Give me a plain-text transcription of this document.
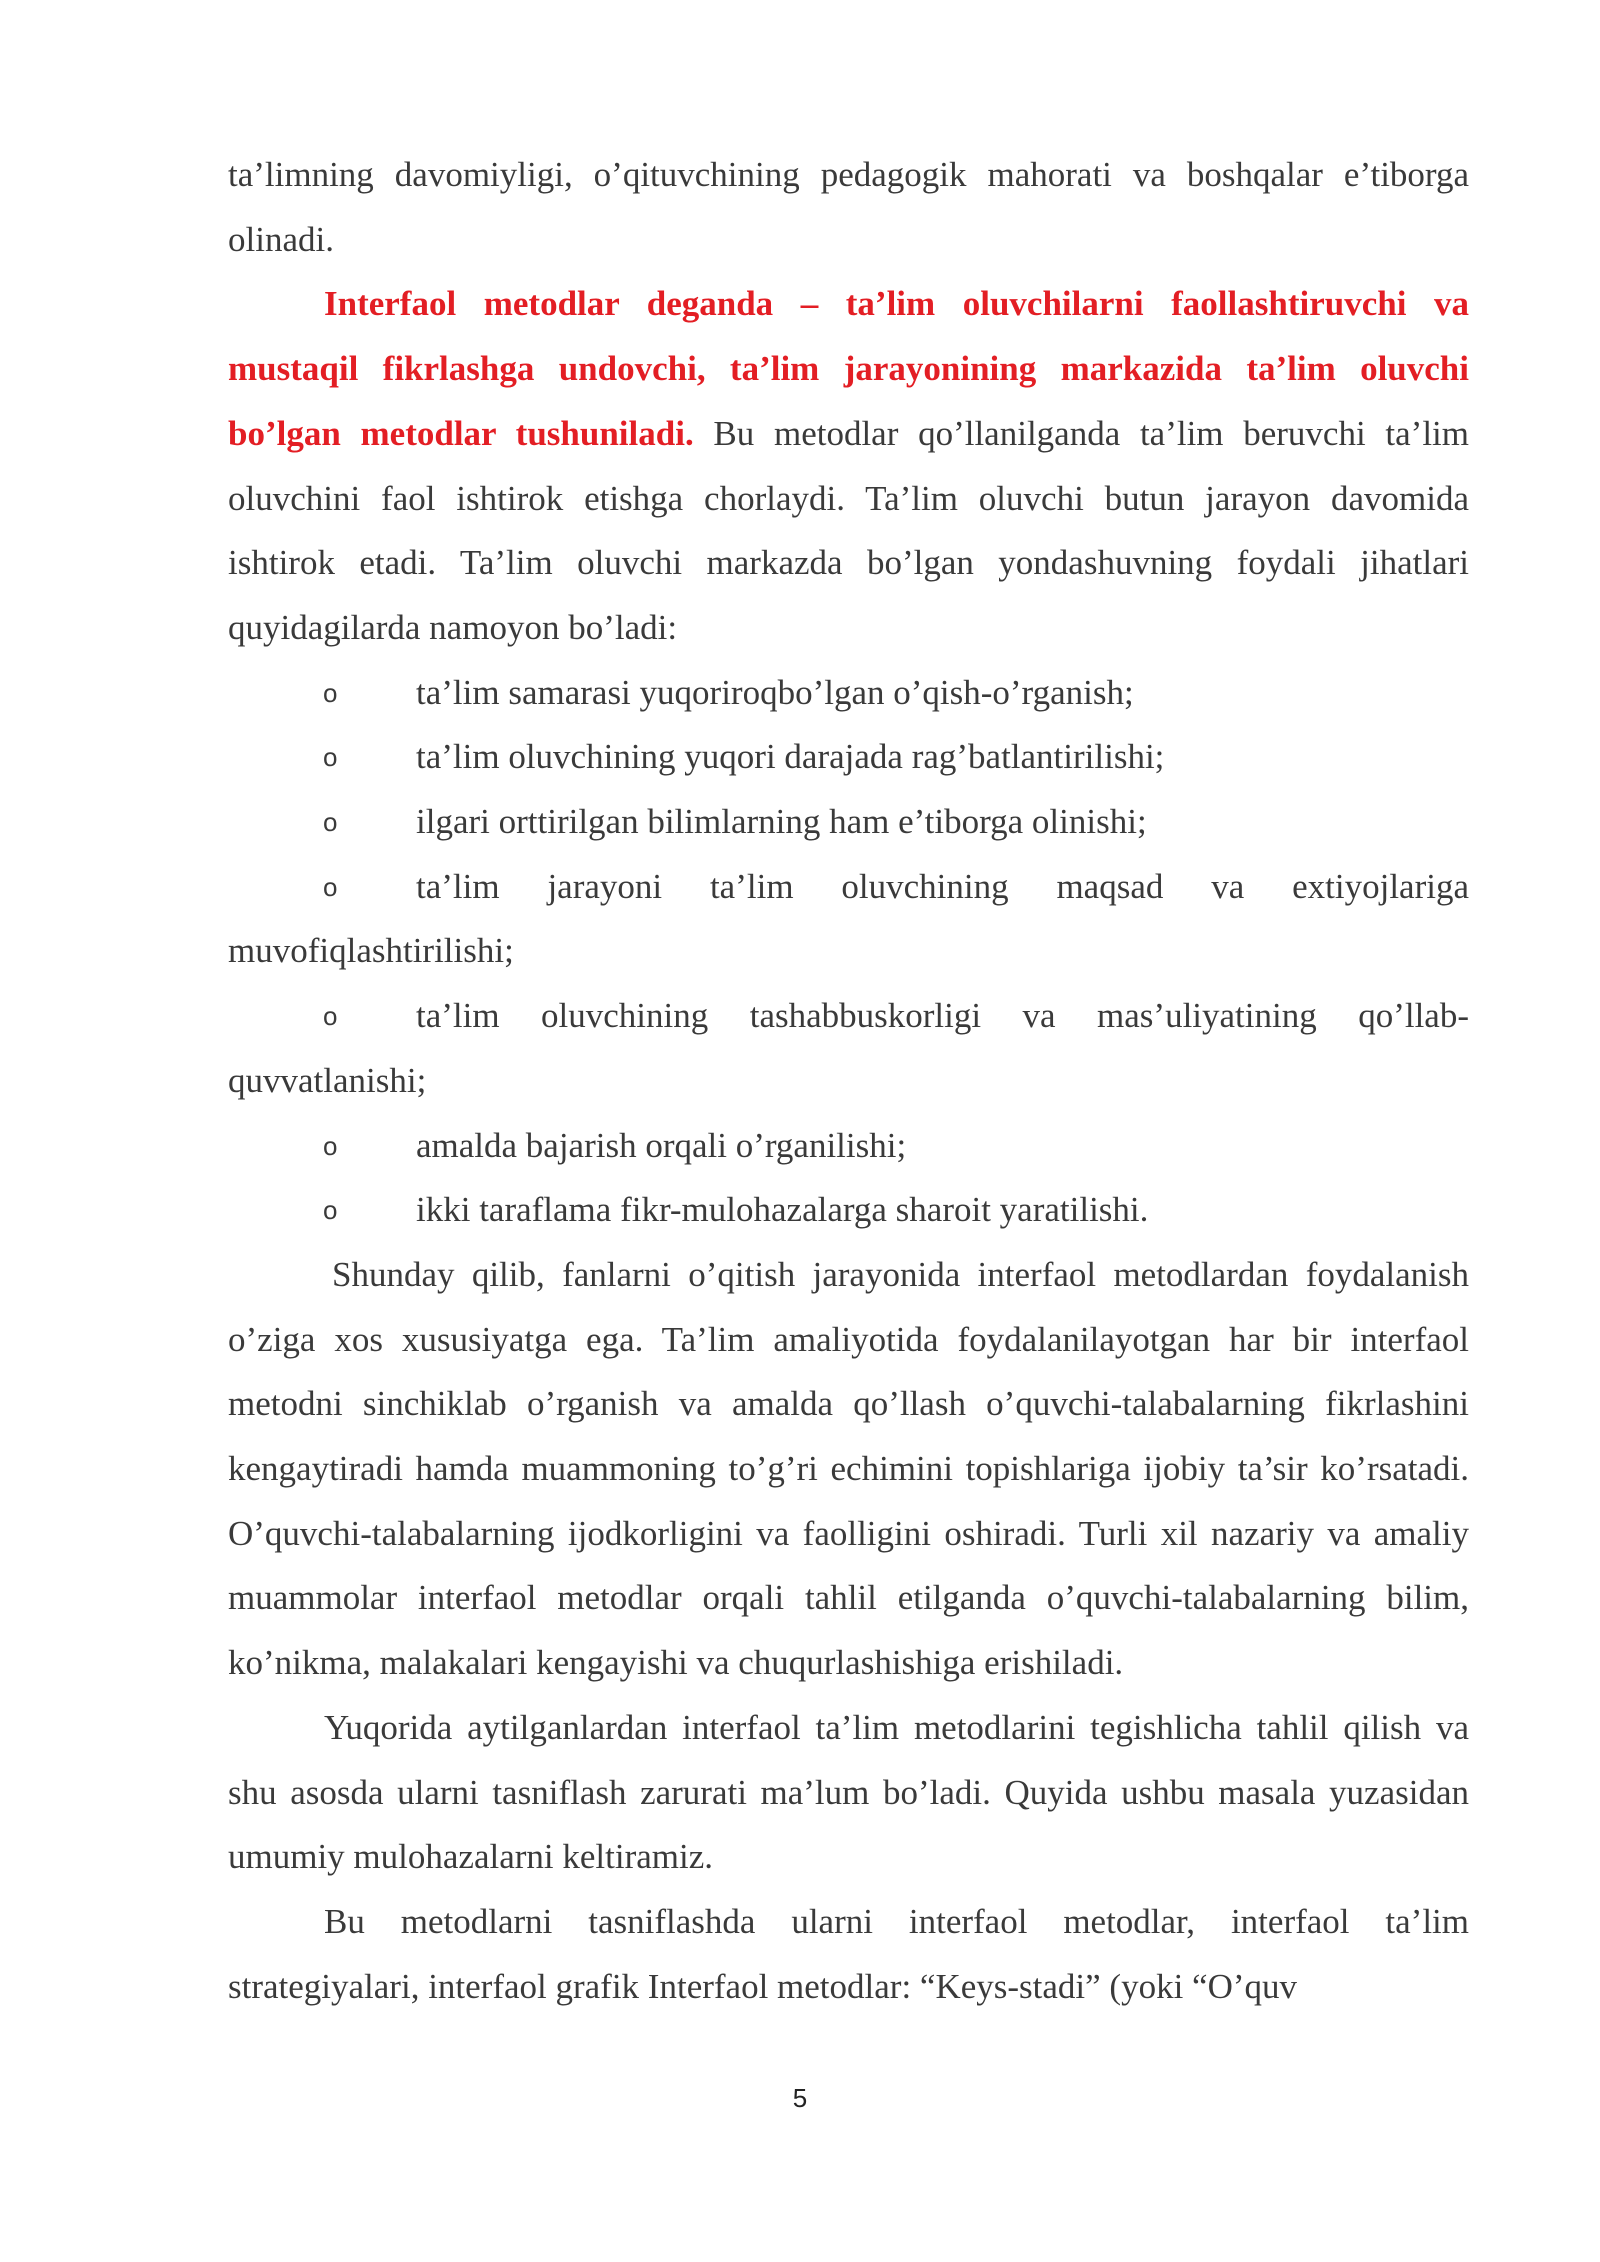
ta’limning davomiyligi, o’qituvchining pedagogik mahorati va boshqalar e’tiborga olinadi.

Interfaol metodlar deganda – ta’lim oluvchilarni faollashtiruvchi va mustaqil fikrlashga undovchi, ta’lim jarayonining markazida ta’lim oluvchi bo’lgan metodlar tushuniladi. Bu metodlar qo’llanilganda ta’lim beruvchi ta’lim oluvchini faol ishtirok etishga chorlaydi. Ta’lim oluvchi butun jarayon davomida ishtirok etadi. Ta’lim oluvchi markazda bo’lgan yondashuvning foydali jihatlari quyidagilarda namoyon bo’ladi:

o ta’lim samarasi yuqoriroqbo’lgan o’qish-o’rganish;

o ta’lim oluvchining yuqori darajada rag’batlantirilishi;

o ilgari orttirilgan bilimlarning ham e’tiborga olinishi;

o ta’lim jarayoni ta’lim oluvchining maqsad va extiyojlariga muvofiqlashtirilishi;

o ta’lim oluvchining tashabbuskorligi va mas’uliyatining qo’llab-quvvatlanishi;

o amalda bajarish orqali o’rganilishi;

o ikki taraflama fikr-mulohazalarga sharoit yaratilishi.

Shunday qilib, fanlarni o’qitish jarayonida interfaol metodlardan foydalanish o’ziga xos xususiyatga ega. Ta’lim amaliyotida foydalanilayotgan har bir interfaol metodni sinchiklab o’rganish va amalda qo’llash o’quvchi-talabalarning fikrlashini kengaytiradi hamda muammoning to’g’ri echimini topishlariga ijobiy ta’sir ko’rsatadi. O’quvchi-talabalarning ijodkorligini va faolligini oshiradi. Turli xil nazariy va amaliy muammolar interfaol metodlar orqali tahlil etilganda o’quvchi-talabalarning bilim, ko’nikma, malakalari kengayishi va chuqurlashishiga erishiladi.

Yuqorida aytilganlardan interfaol ta’lim metodlarini tegishlicha tahlil qilish va shu asosda ularni tasniflash zarurati ma’lum bo’ladi. Quyida ushbu masala yuzasidan umumiy mulohazalarni keltiramiz.

Bu metodlarni tasniflashda ularni interfaol metodlar, interfaol ta’lim strategiyalari, interfaol grafik Interfaol metodlar: “Keys-stadi” (yoki “O’quv

5
